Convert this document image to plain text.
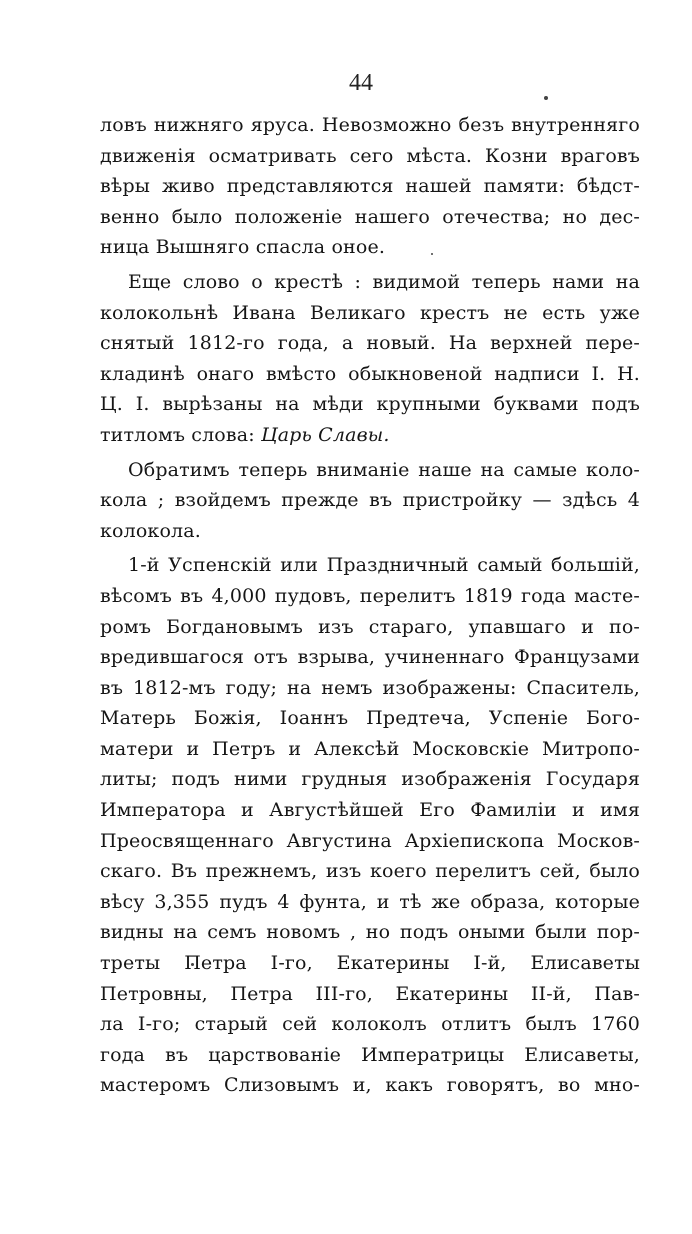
44
ловъ нижняго яруса. Невозможно безъ внутренняго
движенія осматривать сего мѣста. Козни враговъ
вѣры живо представляются нашей памяти: бѣдст-
венно было положеніе нашего отечества; но дес-
ница Вышняго спасла оное.
Еще слово о крестѣ : видимой теперь нами на
колокольнѣ Ивана Великаго крестъ не есть уже
снятый 1812-го года, а новый. На верхней пере-
кладинѣ онаго вмѣсто обыкновеной надписи І. Н.
Ц. І. вырѣзаны на мѣди крупными буквами подъ
титломъ слова: Царь Славы.
Обратимъ теперь вниманіе наше на самые коло-
кола ; взойдемъ прежде въ пристройку — здѣсь 4
колокола.
1-й Успенскій или Праздничный самый большій,
вѣсомъ въ 4,000 пудовъ, перелитъ 1819 года масте-
ромъ Богдановымъ изъ стараго, упавшаго и по-
вредившагося отъ взрыва, учиненнаго Французами
въ 1812-мъ году; на немъ изображены: Спаситель,
Матерь Божія, Іоаннъ Предтеча, Успеніе Бого-
матери и Петръ и Алексѣй Московскіе Митропо-
литы; подъ ними грудныя изображенія Государя
Императора и Августѣйшей Его Фамиліи и имя
Преосвященнаго Августина Архіепископа Москов-
скаго. Въ прежнемъ, изъ коего перелитъ сей, было
вѣсу 3,355 пудъ 4 фунта, и тѣ же образа, которые
видны на семъ новомъ , но подъ оными были пор-
треты Петра І-го, Екатерины І-й, Елисаветы
Петровны, Петра ІІІ-го, Екатерины ІІ-й, Пав-
ла І-го; старый сей колоколъ отлитъ былъ 1760
года въ царствованіе Императрицы Елисаветы,
мастеромъ Слизовымъ и, какъ говорятъ, во мно-
